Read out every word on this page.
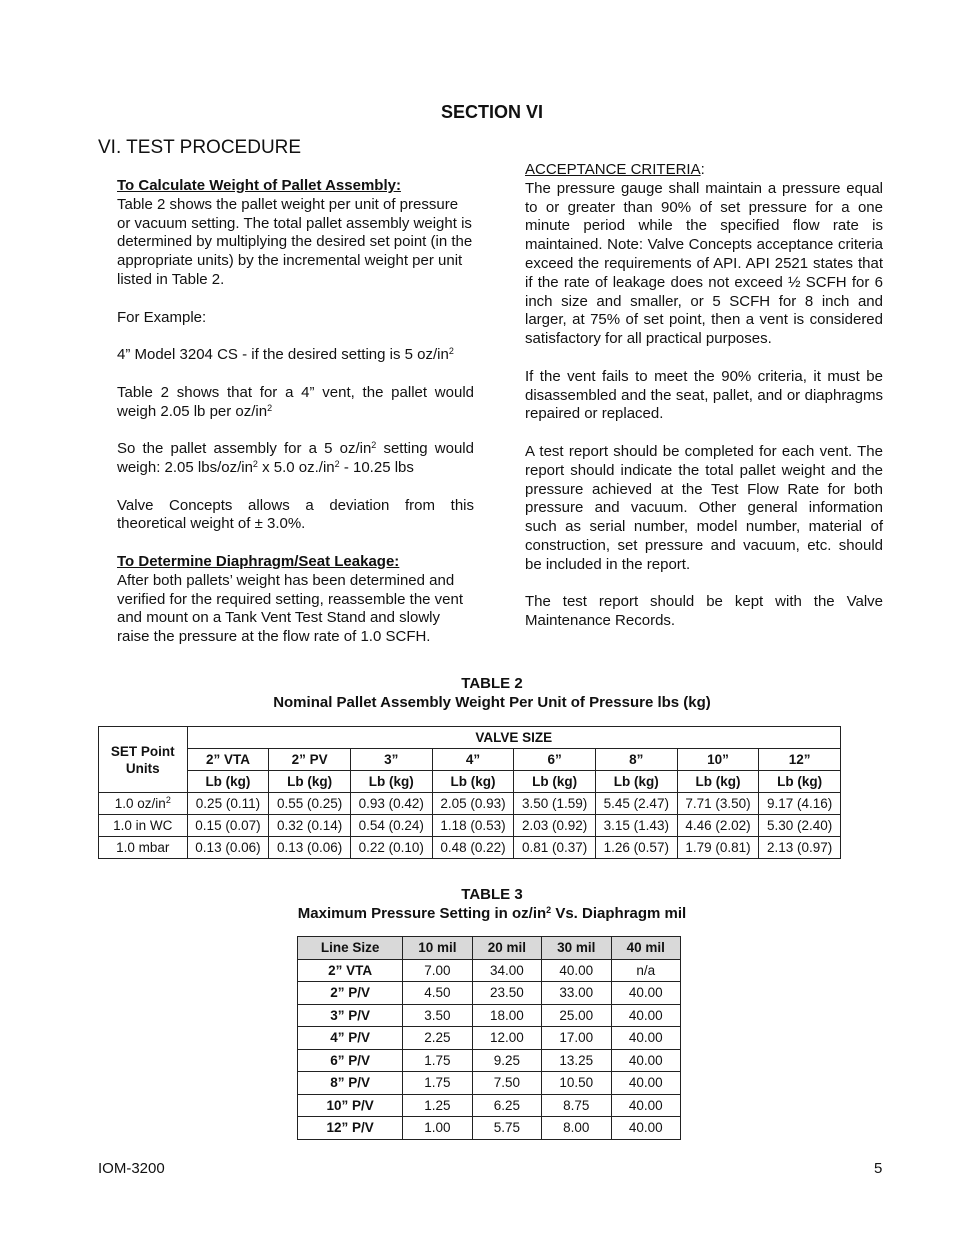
SECTION VI
VI. TEST PROCEDURE
To Calculate Weight of Pallet Assembly:

Table 2 shows the pallet weight per unit of pressure or vacuum setting. The total pallet assembly weight is determined by multiplying the desired set point (in the appropriate units) by the incremental weight per unit listed in Table 2.

For Example:

4” Model 3204 CS - if the desired setting is 5 $oz/in^2$

Table 2 shows that for a 4” vent, the pallet would weigh 2.05 lb per $oz/in^2$

So the pallet assembly for a 5 $oz/in^2$ setting would weigh: 2.05 lbs/$oz/in^2$ x 5.0 $oz./in^2 - 10.25$ lbs

Valve Concepts allows a deviation from this theoretical weight of ± 3.0%.

To Determine Diaphragm/Seat Leakage:

After both pallets’ weight has been determined and verified for the required setting, reassemble the vent and mount on a Tank Vent Test Stand and slowly raise the pressure at the flow rate of 1.0 SCFH.

ACCEPTANCE CRITERIA:

The pressure gauge shall maintain a pressure equal to or greater than 90% of set pressure for a one minute period while the specified flow rate is maintained. Note: Valve Concepts acceptance criteria exceed the requirements of API. API 2521 states that if the rate of leakage does not exceed ½ SCFH for 6 inch size and smaller, or 5 SCFH for 8 inch and larger, at 75% of set point, then a vent is considered satisfactory for all practical purposes.

If the vent fails to meet the 90% criteria, it must be disassembled and the seat, pallet, and or diaphragms repaired or replaced.

A test report should be completed for each vent. The report should indicate the total pallet weight and the pressure achieved at the Test Flow Rate for both pressure and vacuum. Other general information such as serial number, model number, material of construction, set pressure and vacuum, etc. should be included in the report.

The test report should be kept with the Valve Maintenance Records.

TABLE 2
Nominal Pallet Assembly Weight Per Unit of Pressure lbs (kg)
SET Point Units	VALVE SIZE							
	2” VTA	2” PV	3”	4”	6”	8”	10”	12”
	Lb (kg)	Lb (kg)	Lb (kg)	Lb (kg)	Lb (kg)	Lb (kg)	Lb (kg)	Lb (kg)
1.0 $oz/in^2$	0.25 (0.11)	0.55 (0.25)	0.93 (0.42)	2.05 (0.93)	3.50 (1.59)	5.45 (2.47)	7.71 (3.50)	9.17 (4.16)
1.0 in WC	0.15 (0.07)	0.32 (0.14)	0.54 (0.24)	1.18 (0.53)	2.03 (0.92)	3.15 (1.43)	4.46 (2.02)	5.30 (2.40)
1.0 mbar	0.13 (0.06)	0.13 (0.06)	0.22 (0.10)	0.48 (0.22)	0.81 (0.37)	1.26 (0.57)	1.79 (0.81)	2.13 (0.97)
TABLE 3
Maximum Pressure Setting in $oz/in^2$ Vs. Diaphragm mil
Line Size	10 mil	20 mil	30 mil	40 mil
2” VTA	7.00	34.00	40.00	n/a
2” P/V	4.50	23.50	33.00	40.00
3” P/V	3.50	18.00	25.00	40.00
4” P/V	2.25	12.00	17.00	40.00
6” P/V	1.75	9.25	13.25	40.00
8” P/V	1.75	7.50	10.50	40.00
10” P/V	1.25	6.25	8.75	40.00
12” P/V	1.00	5.75	8.00	40.00
IOM-3200	5
